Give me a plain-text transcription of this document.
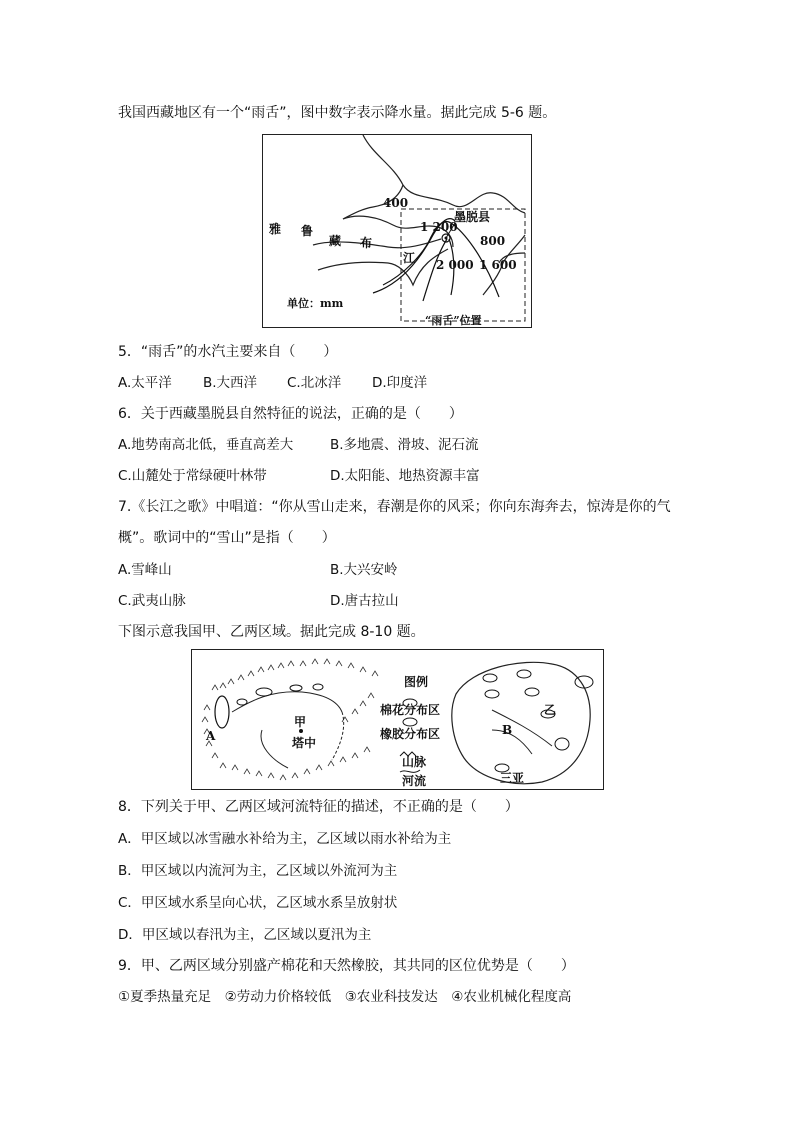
我国西藏地区有一个“雨舌”，图中数字表示降水量。据此完成 5-6 题。
雅 鲁
藏 布
江
400
1 200
墨脱县
800
2 000 1 600
单位：mm
“雨舌”位置
5．“雨舌”的水汽主要来自（　　）
A.太平洋 B.大西洋 C.北冰洋 D.印度洋
6．关于西藏墨脱县自然特征的说法，正确的是（　　）
A.地势南高北低，垂直高差大	B.多地震、滑坡、泥石流
C.山麓处于常绿硬叶林带	D.太阳能、地热资源丰富
7.《长江之歌》中唱道：“你从雪山走来，春潮是你的风采；你向东海奔去，惊涛是你的气
概”。歌词中的“雪山”是指（　　）
A.雪峰山	B.大兴安岭
C.武夷山脉	D.唐古拉山
下图示意我国甲、乙两区域。据此完成 8-10 题。
甲
塔中
A
图例
棉花分布区
橡胶分布区
山脉
河流
乙
B
三亚
8．下列关于甲、乙两区域河流特征的描述，不正确的是（　　）
A．甲区域以冰雪融水补给为主，乙区域以雨水补给为主
B．甲区域以内流河为主，乙区域以外流河为主
C．甲区域水系呈向心状，乙区域水系呈放射状
D．甲区域以春汛为主，乙区域以夏汛为主
9．甲、乙两区域分别盛产棉花和天然橡胶，其共同的区位优势是（　　）
①夏季热量充足　②劳动力价格较低　③农业科技发达　④农业机械化程度高
